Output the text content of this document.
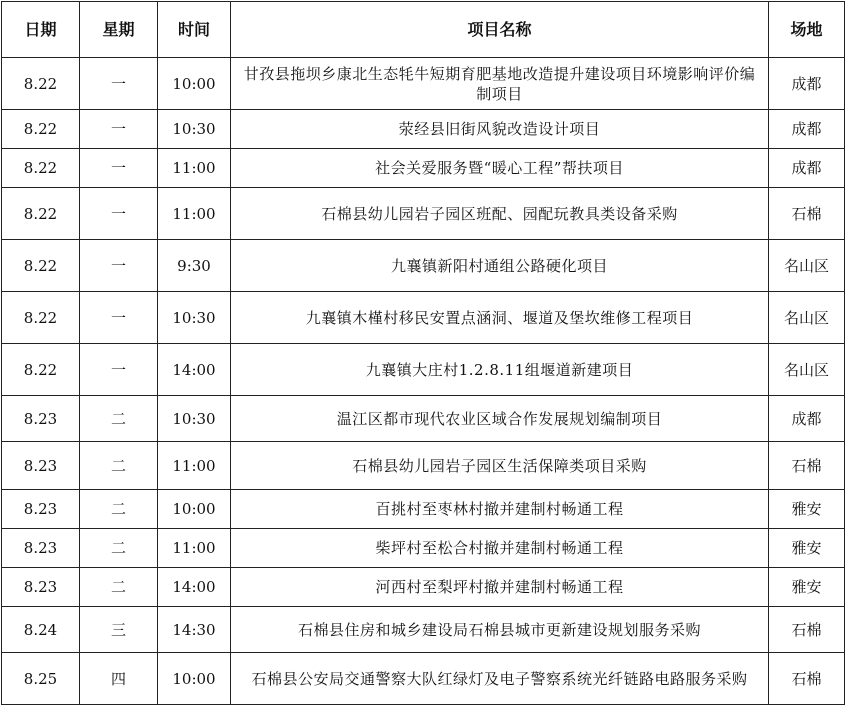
日期	星期	时间	项目名称	场地
8.22	一	10:00	甘孜县拖坝乡康北生态牦牛短期育肥基地改造提升建设项目环境影响评价编制项目	成都
8.22	一	10:30	荥经县旧街风貌改造设计项目	成都
8.22	一	11:00	社会关爱服务暨“暖心工程”帮扶项目	成都
8.22	一	11:00	石棉县幼儿园岩子园区班配、园配玩教具类设备采购	石棉
8.22	一	9:30	九襄镇新阳村通组公路硬化项目	名山区
8.22	一	10:30	九襄镇木槿村移民安置点涵洞、堰道及堡坎维修工程项目	名山区
8.22	一	14:00	九襄镇大庄村1.2.8.11组堰道新建项目	名山区
8.23	二	10:30	温江区都市现代农业区域合作发展规划编制项目	成都
8.23	二	11:00	石棉县幼儿园岩子园区生活保障类项目采购	石棉
8.23	二	10:00	百挑村至枣林村撤并建制村畅通工程	雅安
8.23	二	11:00	柴坪村至松合村撤并建制村畅通工程	雅安
8.23	二	14:00	河西村至梨坪村撤并建制村畅通工程	雅安
8.24	三	14:30	石棉县住房和城乡建设局石棉县城市更新建设规划服务采购	石棉
8.25	四	10:00	石棉县公安局交通警察大队红绿灯及电子警察系统光纤链路电路服务采购	石棉
